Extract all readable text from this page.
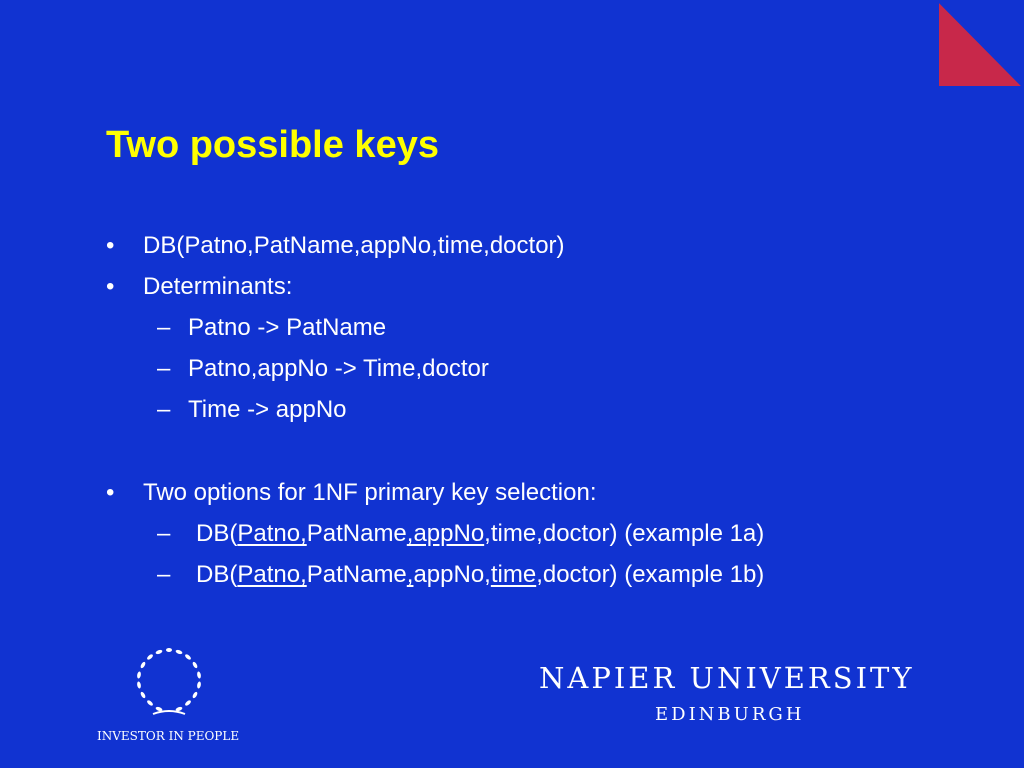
Two possible keys
• DB(Patno,PatName,appNo,time,doctor)
• Determinants:
– Patno -> PatName
– Patno,appNo -> Time,doctor
– Time -> appNo
• Two options for 1NF primary key selection:
– DB(Patno,PatName,appNo,time,doctor) (example 1a)
– DB(Patno,PatName,appNo,time,doctor) (example 1b)
INVESTOR IN PEOPLE
NAPIER UNIVERSITY
EDINBURGH
